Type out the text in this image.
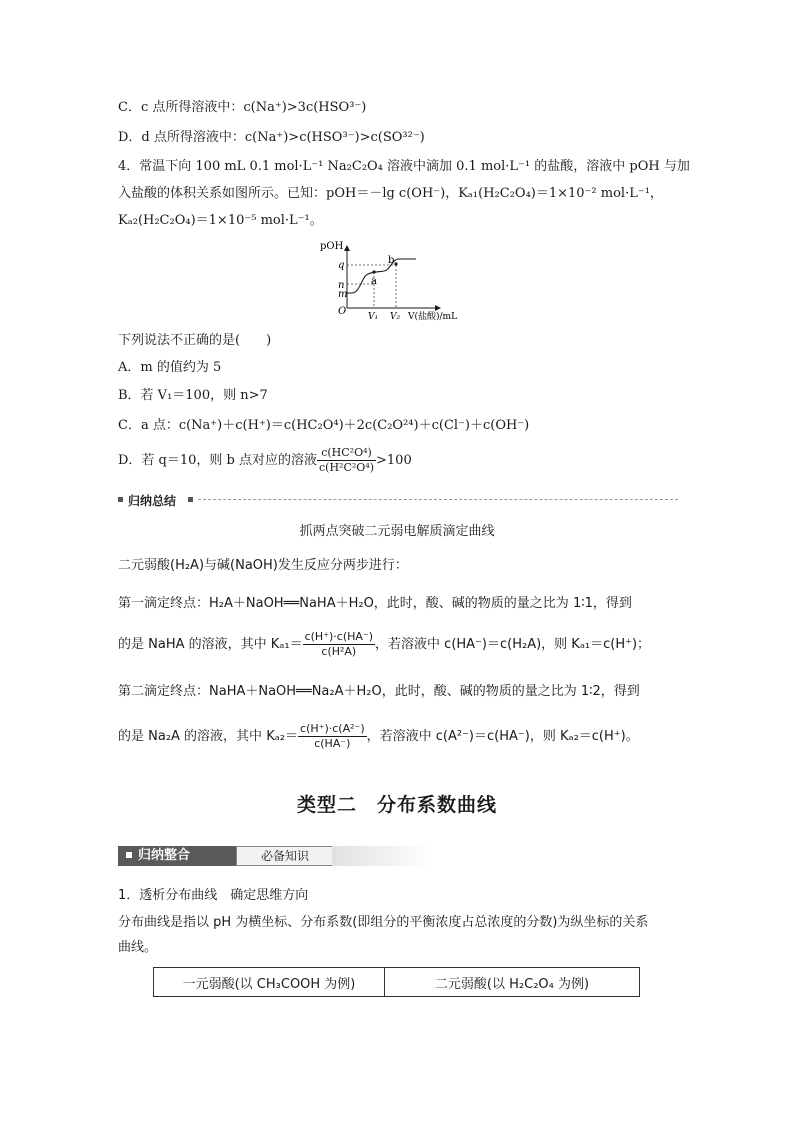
C．c 点所得溶液中：c(Na⁺)>3c(HSO³⁻)
D．d 点所得溶液中：c(Na⁺)>c(HSO³⁻)>c(SO³²⁻)
4．常温下向 100 mL 0.1 mol·L⁻¹ Na₂C₂O₄ 溶液中滴加 0.1 mol·L⁻¹ 的盐酸，溶液中 pOH 与加
入盐酸的体积关系如图所示。已知：pOH＝－lg c(OH⁻)，Kₐ₁(H₂C₂O₄)＝1×10⁻² mol·L⁻¹，
Kₐ₂(H₂C₂O₄)＝1×10⁻⁵ mol·L⁻¹。
pOH
O
q
n
m
a
b
V₁ V₂ V(盐酸)/mL
下列说法不正确的是(　　)
A．m 的值约为 5
B．若 V₁＝100，则 n>7
C．a 点：c(Na⁺)＋c(H⁺)＝c(HC₂O⁴)＋2c(C₂O²⁴)＋c(Cl⁻)＋c(OH⁻)
D．若 q＝10，则 b 点对应的溶液 $\frac{\text{c(HC²O⁴)}}{\text{c(H²C²O⁴)}} >100$
归纳总结
抓两点突破二元弱电解质滴定曲线
二元弱酸(H₂A)与碱(NaOH)发生反应分两步进行：
第一滴定终点：H₂A＋NaOH══NaHA＋H₂O，此时，酸、碱的物质的量之比为 1∶1，得到
的是 NaHA 的溶液，其中 $K_{a1}= \frac{c(H^+)\cdot c(HA^-)}{\text{c(H²A)}}$ ，若溶液中 c(HA⁻)＝c(H₂A)，则 Kₐ₁＝c(H⁺)；
第二滴定终点：NaHA＋NaOH══Na₂A＋H₂O，此时，酸、碱的物质的量之比为 1∶2，得到
的是 Na₂A 的溶液，其中 $K_{a2}= \frac{\text{c(H⁺)·c(A²⁻)}}{c(HA^-)}$ ，若溶液中 c(A²⁻)＝c(HA⁻)，则 Kₐ₂＝c(H⁺)。
类型二　分布系数曲线
归纳整合	必备知识
1．透析分布曲线　确定思维方向
分布曲线是指以 pH 为横坐标、分布系数(即组分的平衡浓度占总浓度的分数)为纵坐标的关系
曲线。
一元弱酸(以 CH₃COOH 为例)	二元弱酸(以 H₂C₂O₄ 为例)
